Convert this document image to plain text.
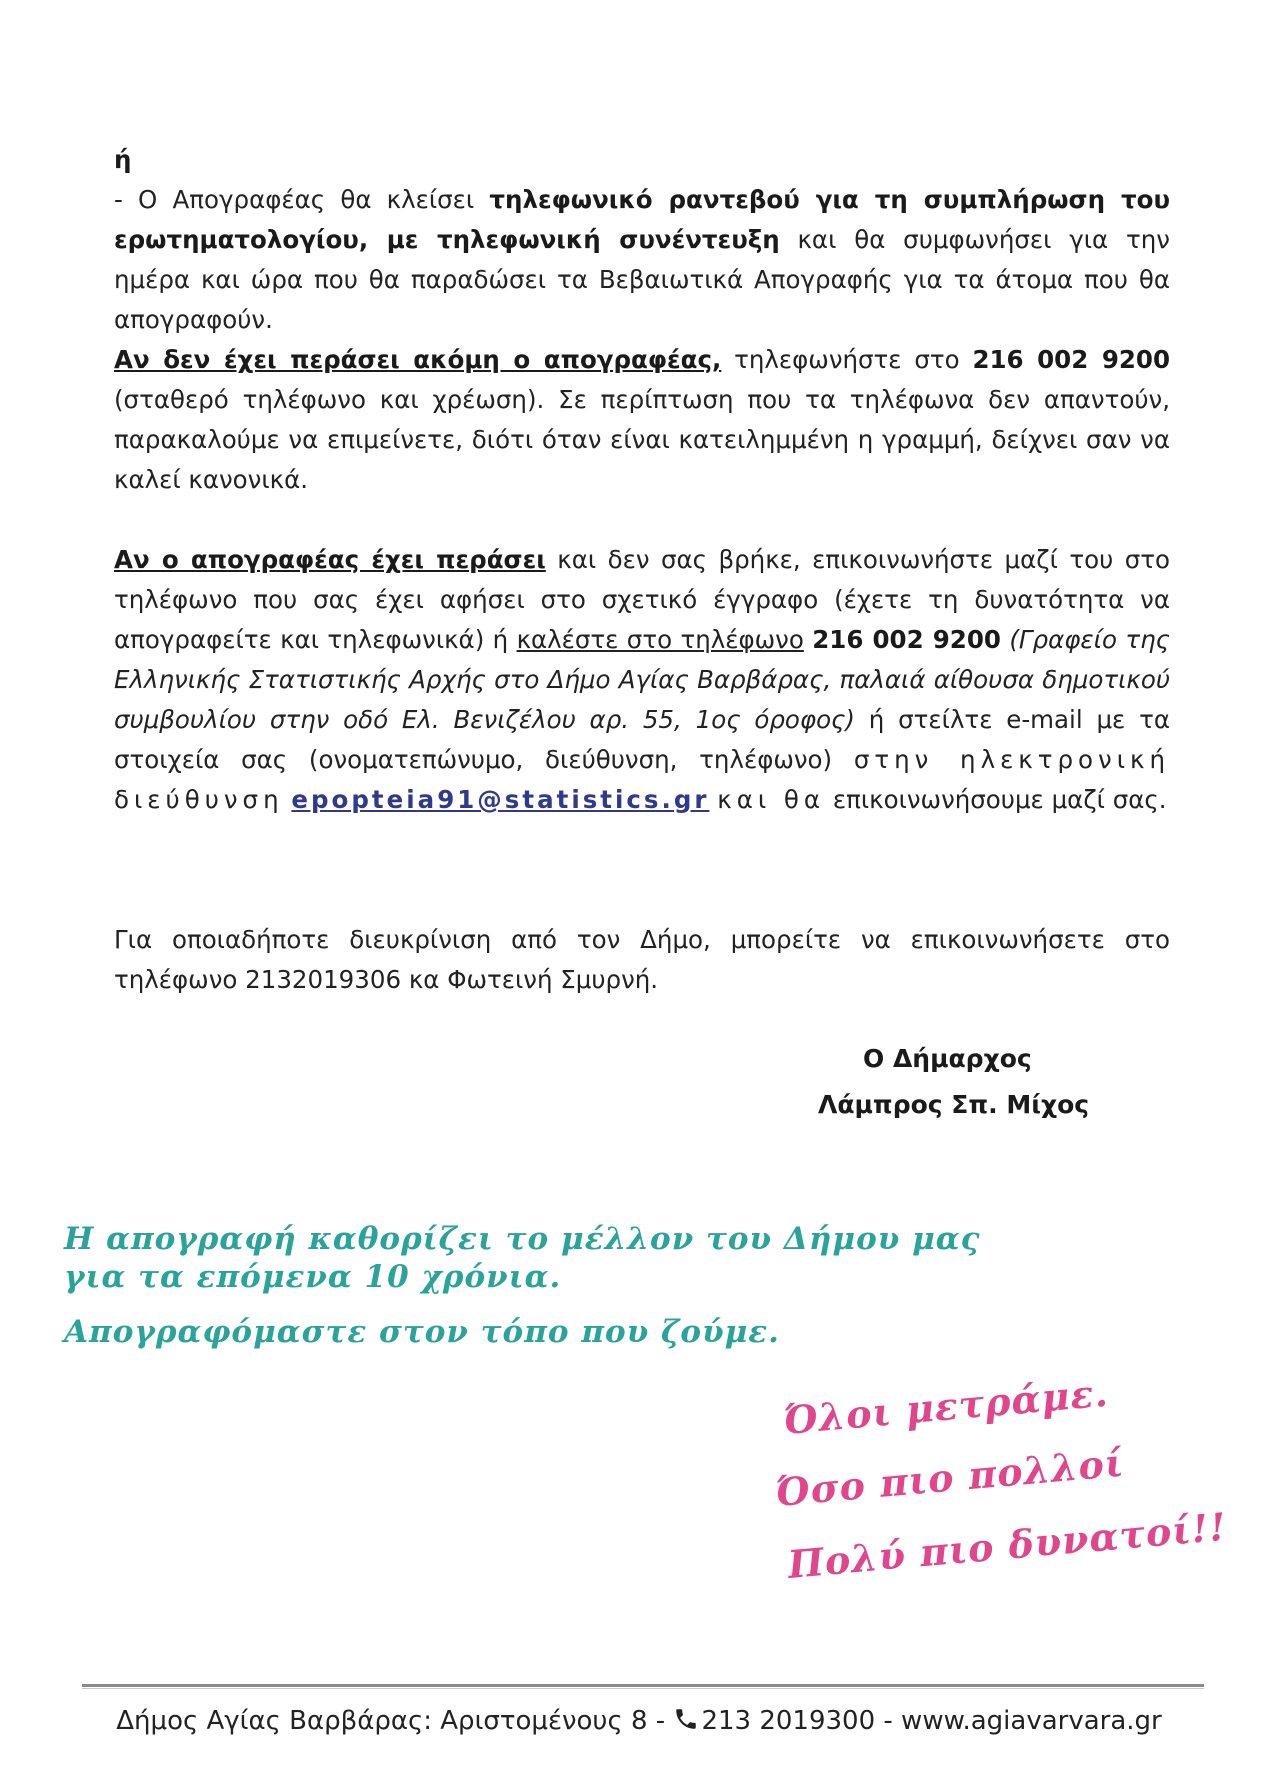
ή

- Ο Απογραφέας θα κλείσει τηλεφωνικό ραντεβού για τη συμπλήρωση του ερωτηματολογίου, με τηλεφωνική συνέντευξη και θα συμφωνήσει για την ημέρα και ώρα που θα παραδώσει τα Βεβαιωτικά Απογραφής για τα άτομα που θα απογραφούν.

Αν δεν έχει περάσει ακόμη ο απογραφέας, τηλεφωνήστε στο 216 002 9200 (σταθερό τηλέφωνο και χρέωση). Σε περίπτωση που τα τηλέφωνα δεν απαντούν, παρακαλούμε να επιμείνετε, διότι όταν είναι κατειλημμένη η γραμμή, δείχνει σαν να καλεί κανονικά.

Αν ο απογραφέας έχει περάσει και δεν σας βρήκε, επικοινωνήστε μαζί του στο τηλέφωνο που σας έχει αφήσει στο σχετικό έγγραφο (έχετε τη δυνατότητα να απογραφείτε και τηλεφωνικά) ή καλέστε στο τηλέφωνο 216 002 9200 (Γραφείο της Ελληνικής Στατιστικής Αρχής στο Δήμο Αγίας Βαρβάρας, παλαιά αίθουσα δημοτικού συμβουλίου στην οδό Ελ. Βενιζέλου αρ. 55, 1ος όροφος) ή στείλτε e-mail με τα στοιχεία σας (ονοματεπώνυμο, διεύθυνση, τηλέφωνο) στην ηλεκτρονική διεύθυνση epopteia91@statistics.gr και θα επικοινωνήσουμε μαζί σας.

Για οποιαδήποτε διευκρίνιση από τον Δήμο, μπορείτε να επικοινωνήσετε στο τηλέφωνο 2132019306 κα Φωτεινή Σμυρνή.

Ο Δήμαρχος
Λάμπρος Σπ. Μίχος

Η απογραφή καθορίζει το μέλλον του Δήμου μας

για τα επόμενα 10 χρόνια.

Απογραφόμαστε στον τόπο που ζούμε.

Όλοι μετράμε.
Όσο πιο πολλοί
Πολύ πιο δυνατοί!!
Δήμος Αγίας Βαρβάρας: Αριστομένους 8 - 213 2019300 - www.agiavarvara.gr
